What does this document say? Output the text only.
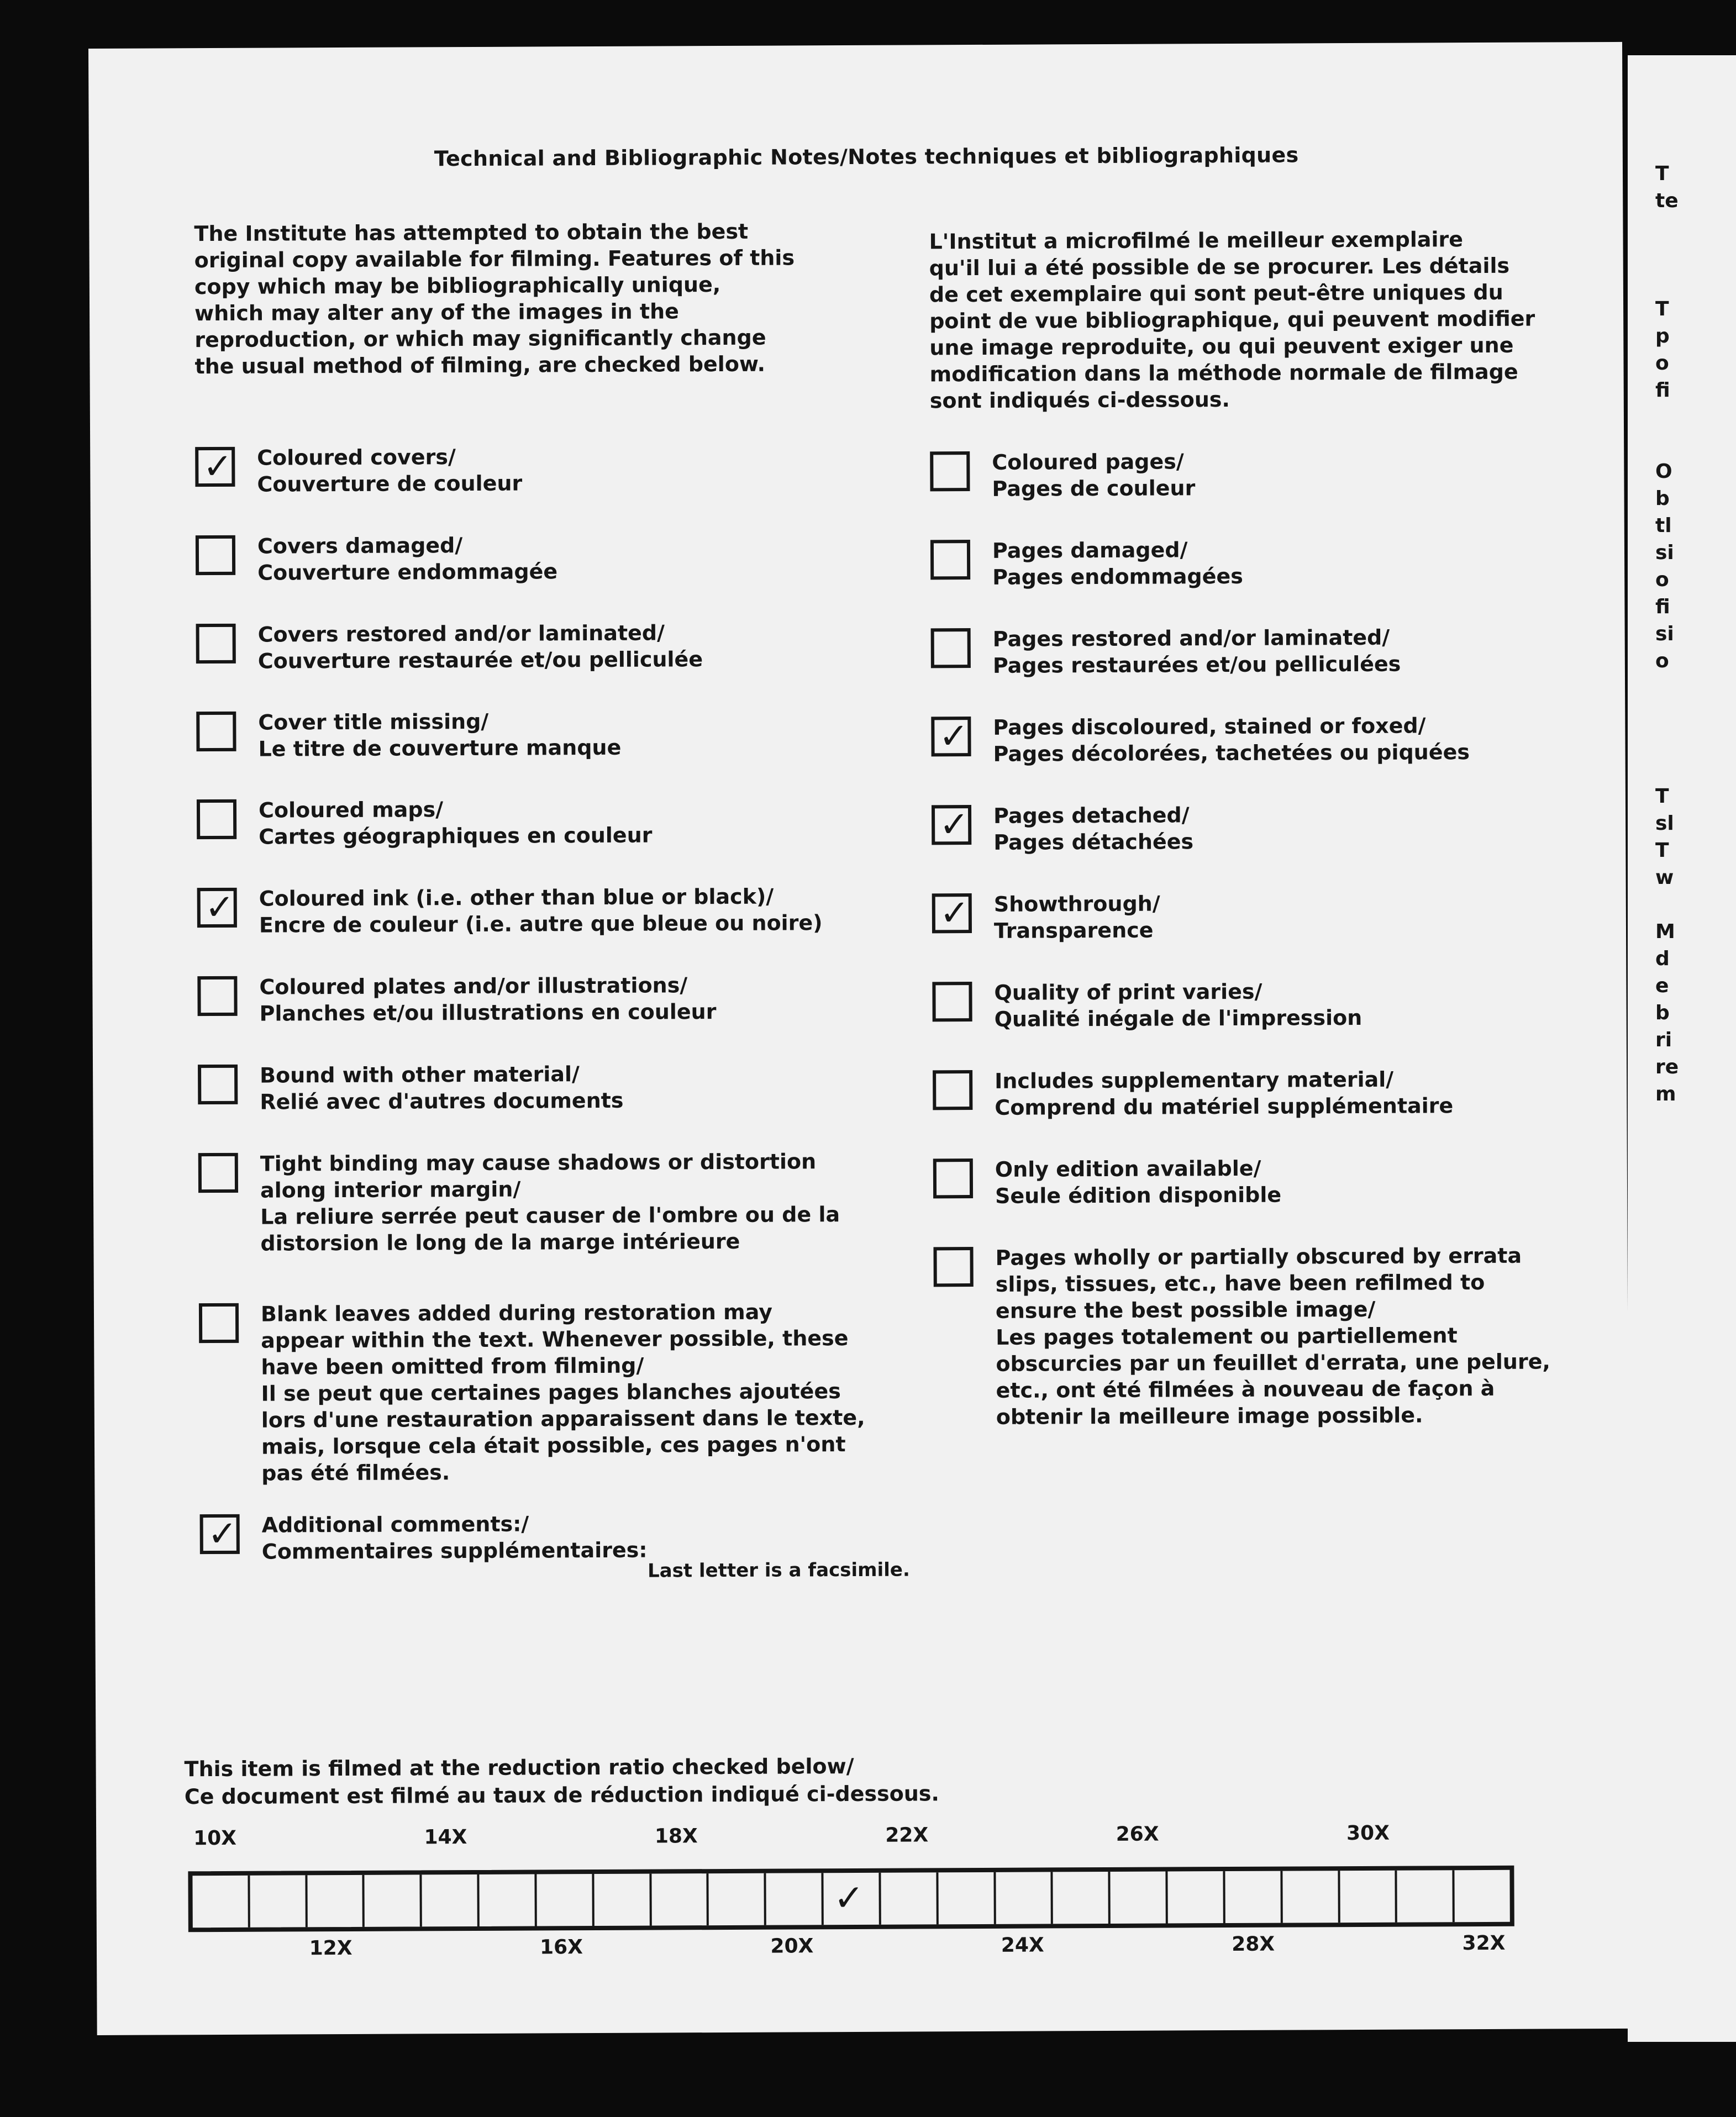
T
te

T
p
o
fi

O
b
tl
si
o
fi
si
o

T
sl
T
w

M
d
e
b
ri
re
m
Technical and Bibliographic Notes/Notes techniques et bibliographiques
The Institute has attempted to obtain the best
original copy available for filming. Features of this
copy which may be bibliographically unique,
which may alter any of the images in the
reproduction, or which may significantly change
the usual method of filming, are checked below.
L'Institut a microfilmé le meilleur exemplaire
qu'il lui a été possible de se procurer. Les détails
de cet exemplaire qui sont peut-être uniques du
point de vue bibliographique, qui peuvent modifier
une image reproduite, ou qui peuvent exiger une
modification dans la méthode normale de filmage
sont indiqués ci-dessous.
✓ Coloured covers/
Couverture de couleur
Covers damaged/
Couverture endommagée
Covers restored and/or laminated/
Couverture restaurée et/ou pelliculée
Cover title missing/
Le titre de couverture manque
Coloured maps/
Cartes géographiques en couleur
✓ Coloured ink (i.e. other than blue or black)/
Encre de couleur (i.e. autre que bleue ou noire)
Coloured plates and/or illustrations/
Planches et/ou illustrations en couleur
Bound with other material/
Relié avec d'autres documents
Tight binding may cause shadows or distortion
along interior margin/
La reliure serrée peut causer de l'ombre ou de la
distorsion le long de la marge intérieure
Blank leaves added during restoration may
appear within the text. Whenever possible, these
have been omitted from filming/
Il se peut que certaines pages blanches ajoutées
lors d'une restauration apparaissent dans le texte,
mais, lorsque cela était possible, ces pages n'ont
pas été filmées.
✓ Additional comments:/
Commentaires supplémentaires:
Coloured pages/
Pages de couleur
Pages damaged/
Pages endommagées
Pages restored and/or laminated/
Pages restaurées et/ou pelliculées
✓ Pages discoloured, stained or foxed/
Pages décolorées, tachetées ou piquées
✓ Pages detached/
Pages détachées
✓ Showthrough/
Transparence
Quality of print varies/
Qualité inégale de l'impression
Includes supplementary material/
Comprend du matériel supplémentaire
Only edition available/
Seule édition disponible
Pages wholly or partially obscured by errata
slips, tissues, etc., have been refilmed to
ensure the best possible image/
Les pages totalement ou partiellement
obscurcies par un feuillet d'errata, une pelure,
etc., ont été filmées à nouveau de façon à
obtenir la meilleure image possible.
Last letter is a facsimile.
This item is filmed at the reduction ratio checked below/
Ce document est filmé au taux de réduction indiqué ci-dessous.
10X	14X	18X	22X	26X	30X
✓
12X	16X	20X	24X	28X	32X
